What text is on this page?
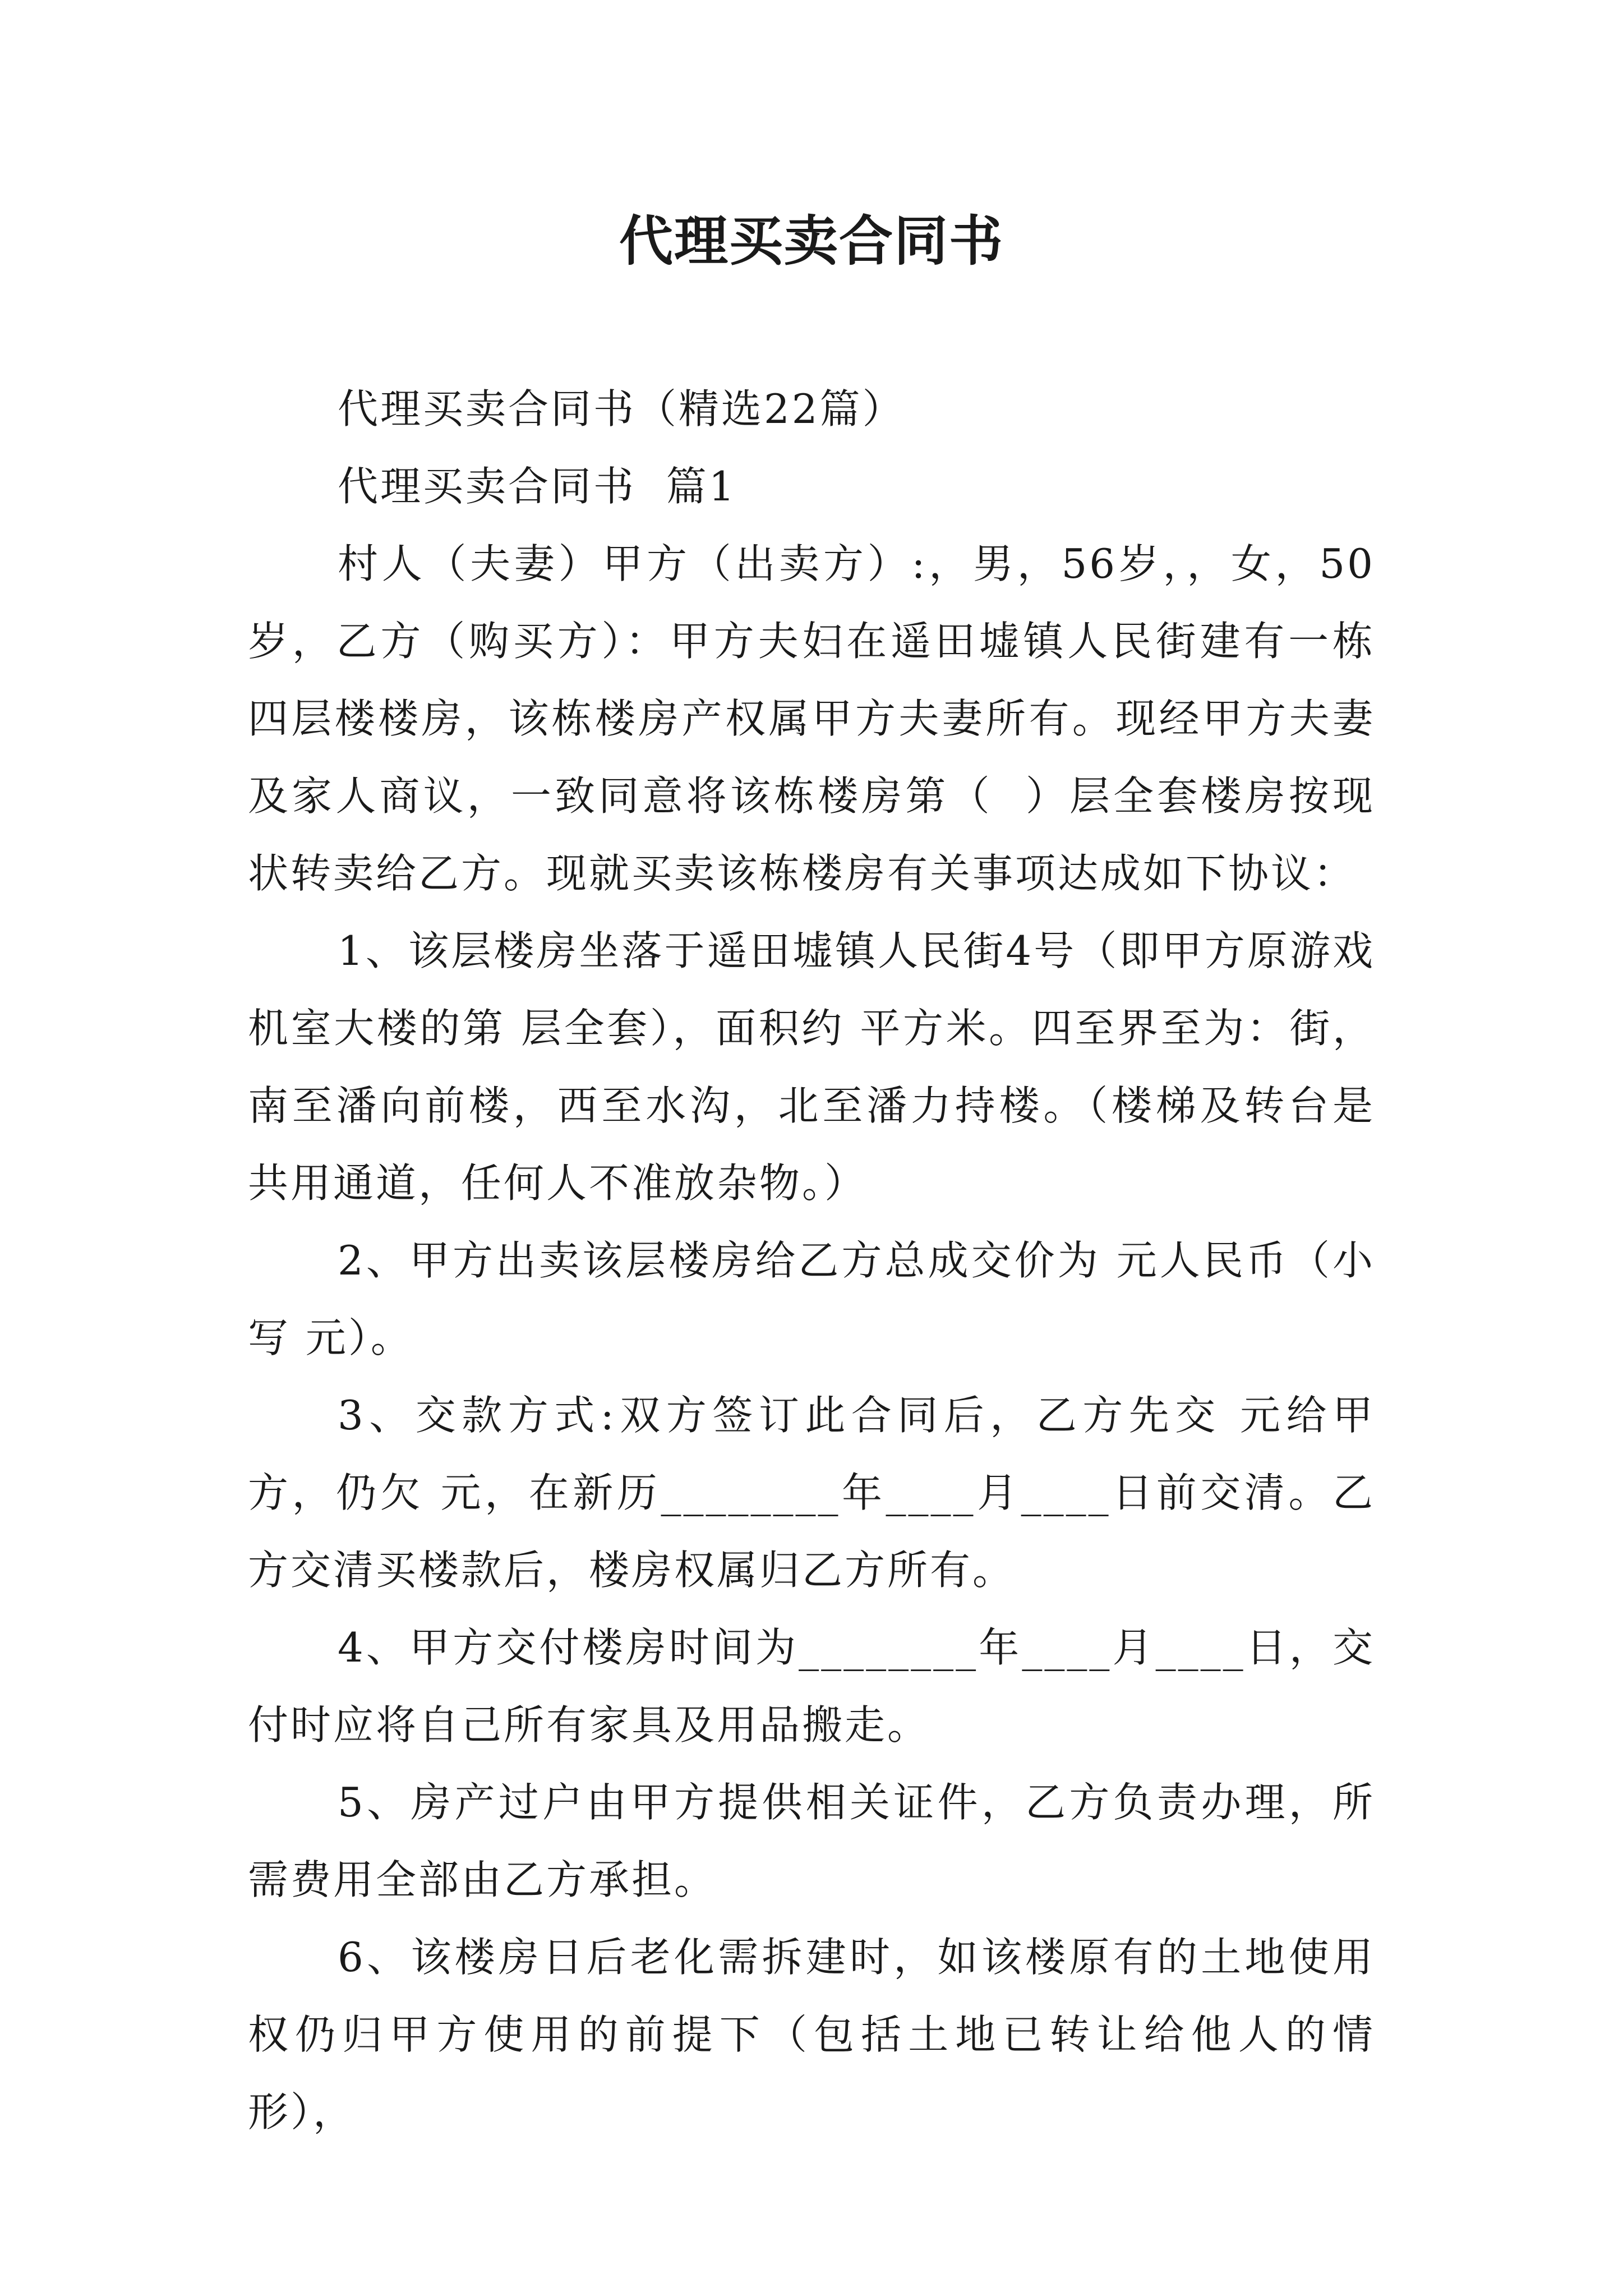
代理买卖合同书

代理买卖合同书（精选22篇）

代理买卖合同书  篇1

村人（夫妻）甲方（出卖方）:，男，56岁，，女，50岁，乙方（购买方）：甲方夫妇在遥田墟镇人民街建有一栋四层楼楼房，该栋楼房产权属甲方夫妻所有。现经甲方夫妻及家人商议，一致同意将该栋楼房第（  ）层全套楼房按现状转卖给乙方。现就买卖该栋楼房有关事项达成如下协议：

1、该层楼房坐落于遥田墟镇人民街4号（即甲方原游戏机室大楼的第 层全套），面积约 平方米。四至界至为：街，南至潘向前楼，西至水沟，北至潘力持楼。（楼梯及转台是共用通道，任何人不准放杂物。）

2、甲方出卖该层楼房给乙方总成交价为 元人民币（小写 元）。

3、交款方式:双方签订此合同后，乙方先交 元给甲方，仍欠 元，在新历________年____月____日前交清。乙方交清买楼款后，楼房权属归乙方所有。

4、甲方交付楼房时间为________年____月____日，交付时应将自己所有家具及用品搬走。

5、房产过户由甲方提供相关证件，乙方负责办理，所需费用全部由乙方承担。

6、该楼房日后老化需拆建时，如该楼原有的土地使用权仍归甲方使用的前提下（包括土地已转让给他人的情形），
